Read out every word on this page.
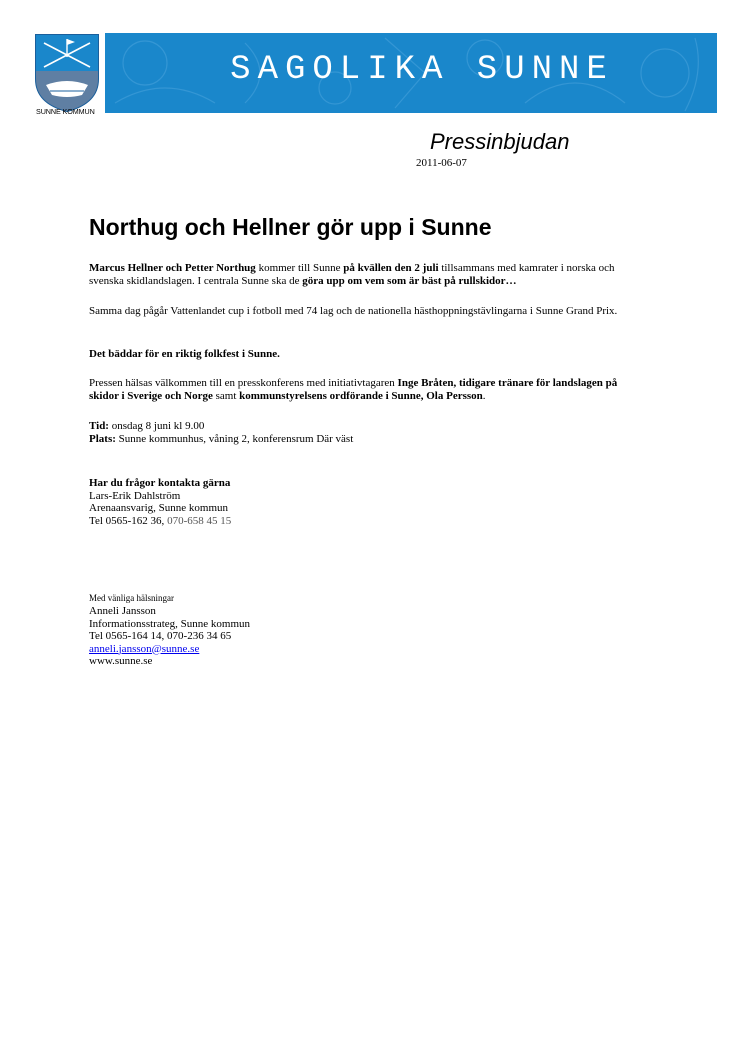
SUNNE KOMMUN
SAGOLIKA SUNNE
Pressinbjudan
2011-06-07
Northug och Hellner gör upp i Sunne

Marcus Hellner och Petter Northug kommer till Sunne på kvällen den 2 juli tillsammans med kamrater i norska och svenska skidlandslagen. I centrala Sunne ska de göra upp om vem som är bäst på rullskidor…

Samma dag pågår Vattenlandet cup i fotboll med 74 lag och de nationella hästhoppningstävlingarna i Sunne Grand Prix.

Det bäddar för en riktig folkfest i Sunne.

Pressen hälsas välkommen till en presskonferens med initiativtagaren Inge Bråten, tidigare tränare för landslagen på skidor i Sverige och Norge samt kommunstyrelsens ordförande i Sunne, Ola Persson.

Tid: onsdag 8 juni kl 9.00
Plats: Sunne kommunhus, våning 2, konferensrum Där väst

Har du frågor kontakta gärna
Lars-Erik Dahlström
Arenaansvarig, Sunne kommun
Tel 0565-162 36, 070-658 45 15

Med vänliga hälsningar
Anneli Jansson
Informationsstrateg, Sunne kommun
Tel 0565-164 14, 070-236 34 65
anneli.jansson@sunne.se
www.sunne.se
